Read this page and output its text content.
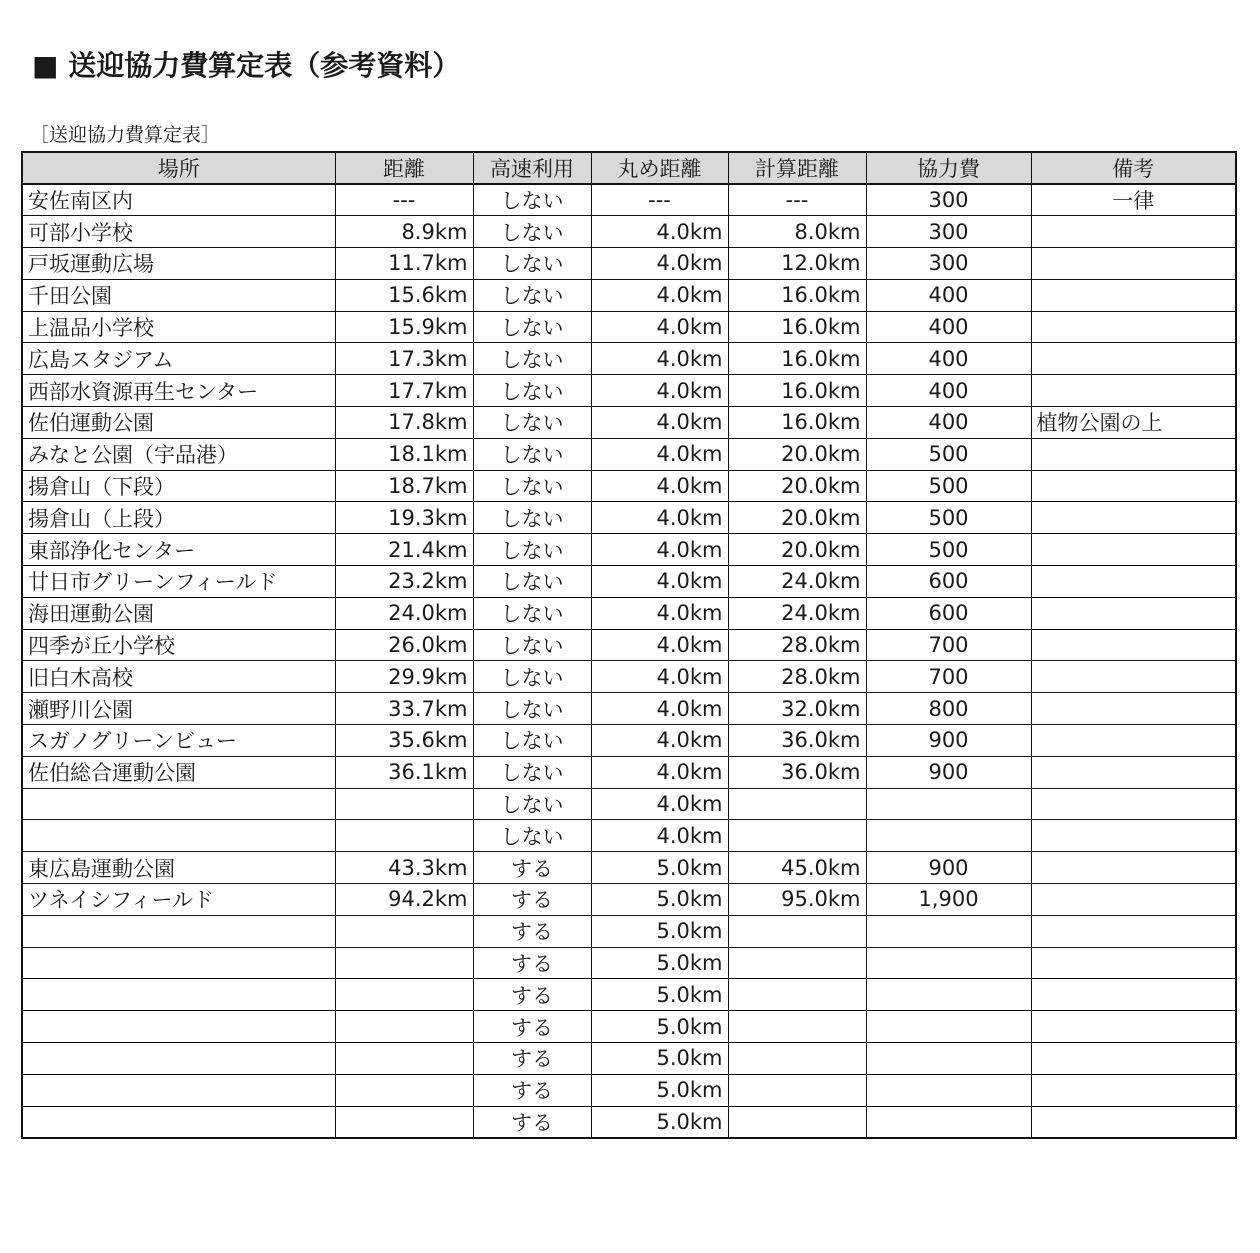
■ 送迎協力費算定表（参考資料）
［送迎協力費算定表］
場所	距離	高速利用	丸め距離	計算距離	協力費	備考
安佐南区内	---	しない	---	---	300	一律
可部小学校	8.9km	しない	4.0km	8.0km	300	
戸坂運動広場	11.7km	しない	4.0km	12.0km	300	
千田公園	15.6km	しない	4.0km	16.0km	400	
上温品小学校	15.9km	しない	4.0km	16.0km	400	
広島スタジアム	17.3km	しない	4.0km	16.0km	400	
西部水資源再生センター	17.7km	しない	4.0km	16.0km	400	
佐伯運動公園	17.8km	しない	4.0km	16.0km	400	植物公園の上
みなと公園（宇品港）	18.1km	しない	4.0km	20.0km	500	
揚倉山（下段）	18.7km	しない	4.0km	20.0km	500	
揚倉山（上段）	19.3km	しない	4.0km	20.0km	500	
東部浄化センター	21.4km	しない	4.0km	20.0km	500	
廿日市グリーンフィールド	23.2km	しない	4.0km	24.0km	600	
海田運動公園	24.0km	しない	4.0km	24.0km	600	
四季が丘小学校	26.0km	しない	4.0km	28.0km	700	
旧白木高校	29.9km	しない	4.0km	28.0km	700	
瀬野川公園	33.7km	しない	4.0km	32.0km	800	
スガノグリーンビュー	35.6km	しない	4.0km	36.0km	900	
佐伯総合運動公園	36.1km	しない	4.0km	36.0km	900	
		しない	4.0km			
		しない	4.0km			
東広島運動公園	43.3km	する	5.0km	45.0km	900	
ツネイシフィールド	94.2km	する	5.0km	95.0km	1,900	
		する	5.0km			
		する	5.0km			
		する	5.0km			
		する	5.0km			
		する	5.0km			
		する	5.0km			
		する	5.0km			
